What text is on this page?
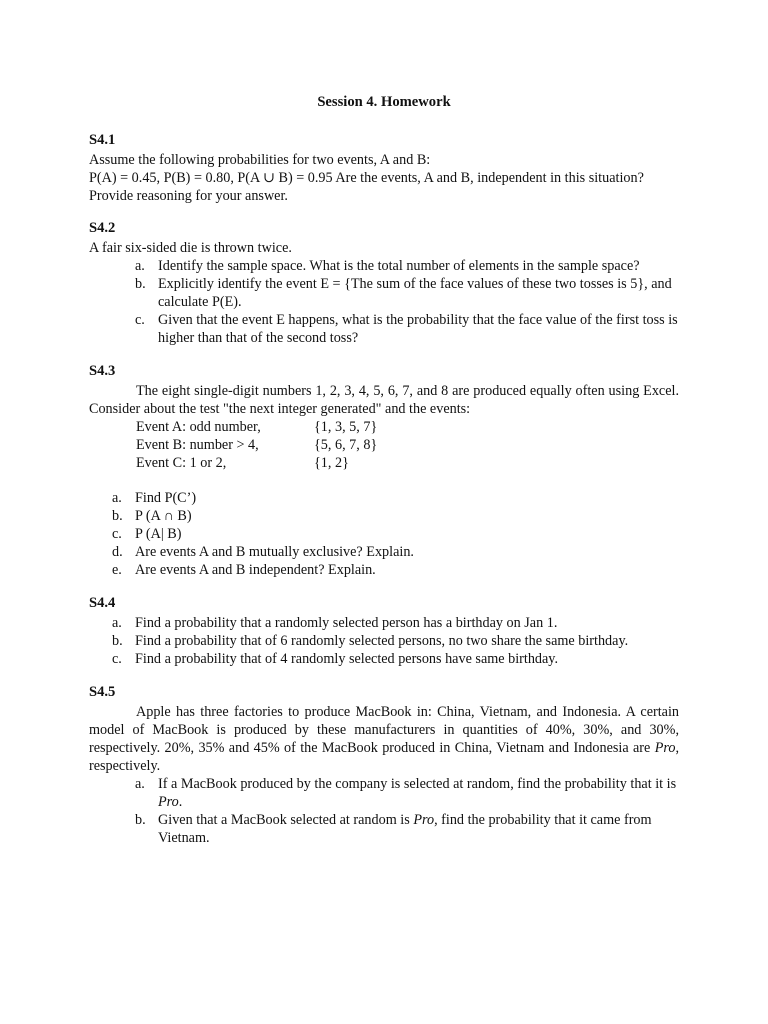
Session 4. Homework
S4.1

Assume the following probabilities for two events, A and B:

P(A) = 0.45, P(B) = 0.80, P(A ∪ B) = 0.95 Are the events, A and B, independent in this situation?

Provide reasoning for your answer.

S4.2

A fair six-sided die is thrown twice.

a. Identify the sample space. What is the total number of elements in the sample space?
b. Explicitly identify the event E = {The sum of the face values of these two tosses is 5}, and calculate P(E).
c. Given that the event E happens, what is the probability that the face value of the first toss is higher than that of the second toss?
S4.3

The eight single-digit numbers 1, 2, 3, 4, 5, 6, 7, and 8 are produced equally often using Excel. Consider about the test "the next integer generated" and the events:

Event A: odd number,	{1, 3, 5, 7}
Event B: number > 4,	{5, 6, 7, 8}
Event C: 1 or 2,	{1, 2}
a. Find P(C’)
b. P (A ∩ B)
c. P (A| B)
d. Are events A and B mutually exclusive? Explain.
e. Are events A and B independent? Explain.
S4.4
a. Find a probability that a randomly selected person has a birthday on Jan 1.
b. Find a probability that of 6 randomly selected persons, no two share the same birthday.
c. Find a probability that of 4 randomly selected persons have same birthday.
S4.5

Apple has three factories to produce MacBook in: China, Vietnam, and Indonesia. A certain model of MacBook is produced by these manufacturers in quantities of 40%, 30%, and 30%, respectively. 20%, 35% and 45% of the MacBook produced in China, Vietnam and Indonesia are Pro, respectively.

a. If a MacBook produced by the company is selected at random, find the probability that it is Pro.
b. Given that a MacBook selected at random is Pro, find the probability that it came from Vietnam.
